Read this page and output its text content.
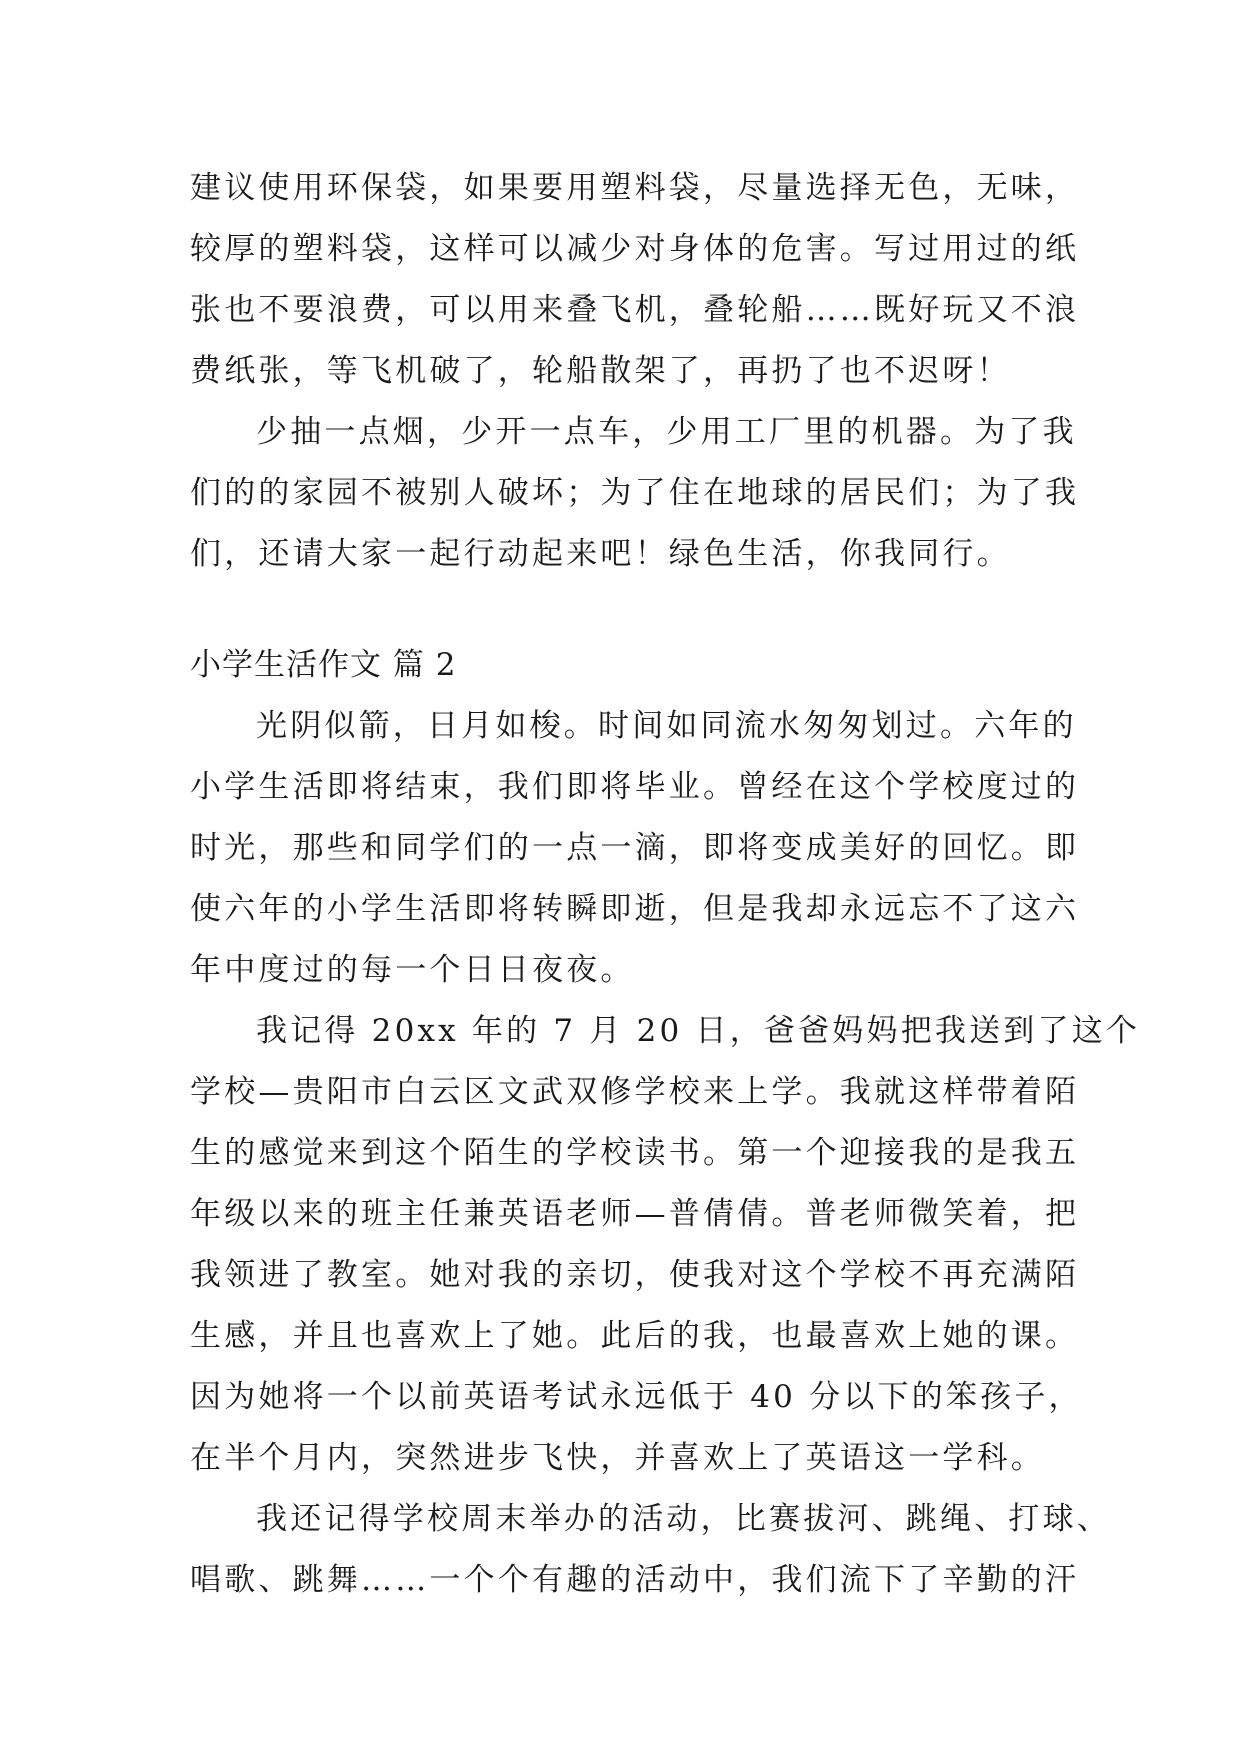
建议使用环保袋，如果要用塑料袋，尽量选择无色，无味，
较厚的塑料袋，这样可以减少对身体的危害。写过用过的纸
张也不要浪费，可以用来叠飞机，叠轮船……既好玩又不浪
费纸张，等飞机破了，轮船散架了，再扔了也不迟呀！
少抽一点烟，少开一点车，少用工厂里的机器。为了我
们的的家园不被别人破坏；为了住在地球的居民们；为了我
们，还请大家一起行动起来吧！绿色生活，你我同行。
小学生活作文 篇 2
光阴似箭，日月如梭。时间如同流水匆匆划过。六年的
小学生活即将结束，我们即将毕业。曾经在这个学校度过的
时光，那些和同学们的一点一滴，即将变成美好的回忆。即
使六年的小学生活即将转瞬即逝，但是我却永远忘不了这六
年中度过的每一个日日夜夜。
我记得 20xx 年的 7 月 20 日，爸爸妈妈把我送到了这个
学校—贵阳市白云区文武双修学校来上学。我就这样带着陌
生的感觉来到这个陌生的学校读书。第一个迎接我的是我五
年级以来的班主任兼英语老师—普倩倩。普老师微笑着，把
我领进了教室。她对我的亲切，使我对这个学校不再充满陌
生感，并且也喜欢上了她。此后的我，也最喜欢上她的课。
因为她将一个以前英语考试永远低于 40 分以下的笨孩子，
在半个月内，突然进步飞快，并喜欢上了英语这一学科。
我还记得学校周末举办的活动，比赛拔河、跳绳、打球、
唱歌、跳舞……一个个有趣的活动中，我们流下了辛勤的汗
